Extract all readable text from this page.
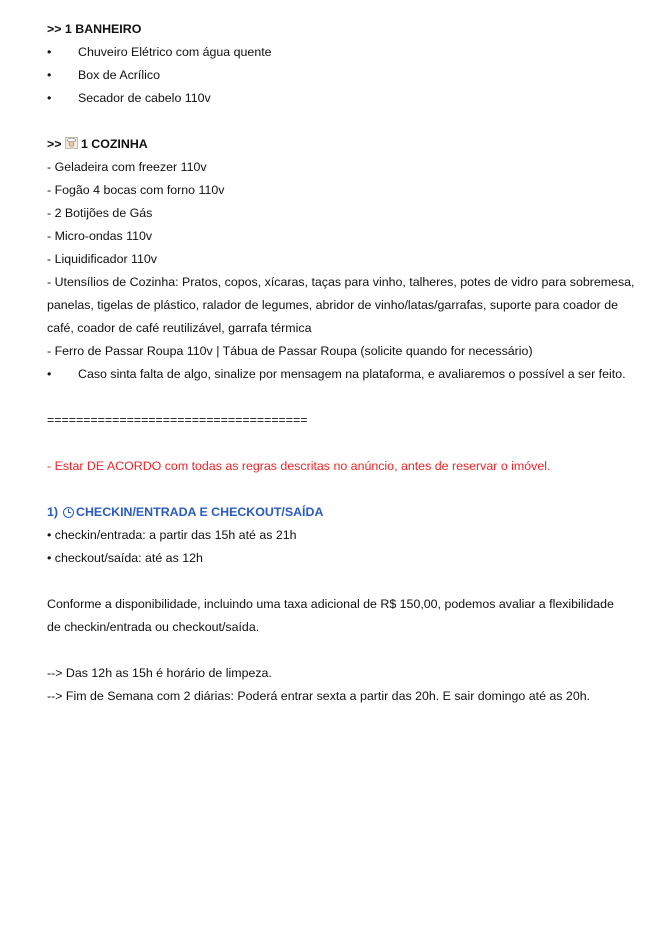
>> 1 BANHEIRO

•	Chuveiro Elétrico com água quente
•	Box de Acrílico
•	Secador de cabelo 110v

>> 1 COZINHA

- Geladeira com freezer 110v

- Fogão 4 bocas com forno 110v

- 2 Botijões de Gás

- Micro-ondas 110v

- Liquidificador 110v

- Utensílios de Cozinha: Pratos, copos, xícaras, taças para vinho, talheres, potes de vidro para sobremesa,

panelas, tigelas de plástico, ralador de legumes, abridor de vinho/latas/garrafas, suporte para coador de

café, coador de café reutilizável, garrafa térmica

- Ferro de Passar Roupa 110v | Tábua de Passar Roupa (solicite quando for necessário)

•	Caso sinta falta de algo, sinalize por mensagem na plataforma, e avaliaremos o possível a ser feito.

====================================

- Estar DE ACORDO com todas as regras descritas no anúncio, antes de reservar o imóvel.

1) CHECKIN/ENTRADA E CHECKOUT/SAÍDA

• checkin/entrada: a partir das 15h até as 21h

• checkout/saída: até as 12h

Conforme a disponibilidade, incluindo uma taxa adicional de R$ 150,00, podemos avaliar a flexibilidade

de checkin/entrada ou checkout/saída.

--> Das 12h as 15h é horário de limpeza.

--> Fim de Semana com 2 diárias: Poderá entrar sexta a partir das 20h. E sair domingo até as 20h.
